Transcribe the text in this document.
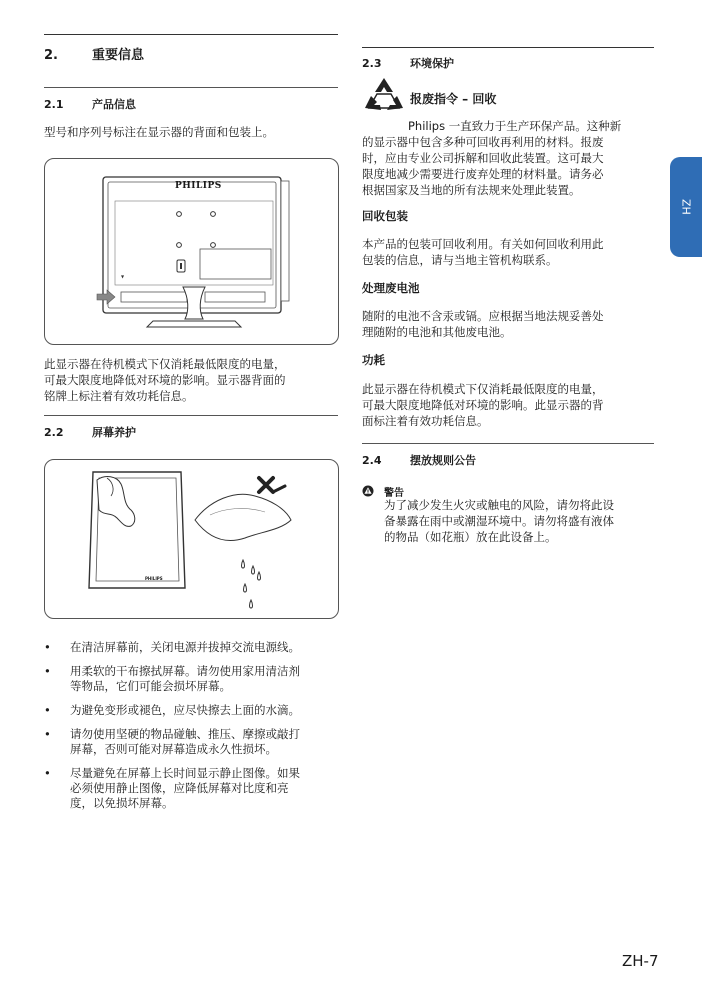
2.	重要信息
2.1	产品信息

型号和序列号标注在显示器的背面和包装上。

▼
PHILIPS

此显示器在待机模式下仅消耗最低限度的电量，
可最大限度地降低对环境的影响。显示器背面的
铭牌上标注着有效功耗信息。

2.2	屏幕养护
PHILIPS
• 在清洁屏幕前，关闭电源并拔掉交流电源线。
• 用柔软的干布擦拭屏幕。请勿使用家用清洁剂
等物品，它们可能会损坏屏幕。
• 为避免变形或褪色，应尽快擦去上面的水滴。
• 请勿使用坚硬的物品碰触、推压、摩擦或敲打
屏幕，否则可能对屏幕造成永久性损坏。
• 尽量避免在屏幕上长时间显示静止图像。如果
必须使用静止图像，应降低屏幕对比度和亮
度，以免损坏屏幕。
2.3	环境保护
报废指令 – 回收

Philips 一直致力于生产环保产品。这种新
的显示器中包含多种可回收再利用的材料。报废
时，应由专业公司拆解和回收此装置。这可最大
限度地减少需要进行废弃处理的材料量。请务必
根据国家及当地的所有法规来处理此装置。

回收包装

本产品的包装可回收利用。有关如何回收利用此
包装的信息，请与当地主管机构联系。

处理废电池

随附的电池不含汞或镉。应根据当地法规妥善处
理随附的电池和其他废电池。

功耗

此显示器在待机模式下仅消耗最低限度的电量，
可最大限度地降低对环境的影响。此显示器的背
面标注着有效功耗信息。

2.4	摆放规则公告
警告

为了减少发生火灾或触电的风险，请勿将此设
备暴露在雨中或潮湿环境中。请勿将盛有液体
的物品（如花瓶）放在此设备上。

ZH
ZH-7
